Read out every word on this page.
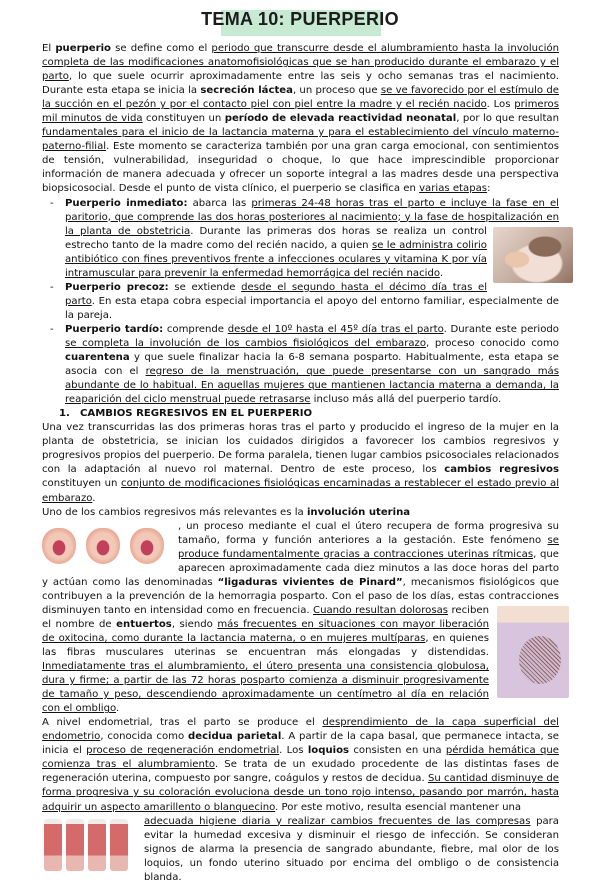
TEMA 10: PUERPERIO

El puerperio se define como el periodo que transcurre desde el alumbramiento hasta la involución completa de las modificaciones anatomofisiológicas que se han producido durante el embarazo y el parto, lo que suele ocurrir aproximadamente entre las seis y ocho semanas tras el nacimiento. Durante esta etapa se inicia la secreción láctea, un proceso que se ve favorecido por el estímulo de la succión en el pezón y por el contacto piel con piel entre la madre y el recién nacido. Los primeros mil minutos de vida constituyen un período de elevada reactividad neonatal, por lo que resultan fundamentales para el inicio de la lactancia materna y para el establecimiento del vínculo materno-paterno-filial. Este momento se caracteriza también por una gran carga emocional, con sentimientos de tensión, vulnerabilidad, inseguridad o choque, lo que hace imprescindible proporcionar información de manera adecuada y ofrecer un soporte integral a las madres desde una perspectiva biopsicosocial. Desde el punto de vista clínico, el puerperio se clasifica en varias etapas:

- Puerperio inmediato: abarca las primeras 24-48 horas tras el parto e incluye la fase en el paritorio, que comprende las dos horas posteriores al nacimiento; y la fase de hospitalización en la planta de obstetricia
. Durante las primeras dos horas se realiza un control estrecho tanto de la madre como del recién nacido, a quien se le administra colirio antibiótico con fines preventivos frente a infecciones oculares y vitamina K por vía intramuscular para prevenir la enfermedad hemorrágica del recién nacido.
- Puerperio precoz: se extiende desde el segundo hasta el décimo día tras el parto. En esta etapa cobra especial importancia el apoyo del entorno familiar, especialmente de la pareja.
- Puerperio tardío: comprende desde el 10º hasta el 45º día tras el parto. Durante este periodo se completa la involución de los cambios fisiológicos del embarazo, proceso conocido como cuarentena y que suele finalizar hacia la 6-8 semana posparto. Habitualmente, esta etapa se asocia con el regreso de la menstruación, que puede presentarse con un sangrado más abundante de lo habitual. En aquellas mujeres que mantienen lactancia materna a demanda, la reaparición del ciclo menstrual puede retrasarse incluso más allá del puerperio tardío.

1. CAMBIOS REGRESIVOS EN EL PUERPERIO

Una vez transcurridas las dos primeras horas tras el parto y producido el ingreso de la mujer en la planta de obstetricia, se inician los cuidados dirigidos a favorecer los cambios regresivos y progresivos propios del puerperio. De forma paralela, tienen lugar cambios psicosociales relacionados con la adaptación al nuevo rol maternal. Dentro de este proceso, los cambios regresivos constituyen un conjunto de modificaciones fisiológicas encaminadas a restablecer el estado previo al embarazo.

Uno de los cambios regresivos más relevantes es la involución uterina

, un proceso mediante el cual el útero recupera de forma progresiva su tamaño, forma y función anteriores a la gestación. Este fenómeno se produce fundamentalmente gracias a contracciones uterinas rítmicas, que aparecen aproximadamente cada diez minutos a las doce horas del parto y actúan como las denominadas “ligaduras vivientes de Pinard”, mecanismos fisiológicos que contribuyen a la prevención de la hemorragia posparto. Con el paso de los días, estas contracciones disminuyen tanto en intensidad como en frecuencia.
Cuando resultan dolorosas reciben el nombre de entuertos, siendo más frecuentes en situaciones con mayor liberación de oxitocina, como durante la lactancia materna, o en mujeres multíparas, en quienes las fibras musculares uterinas se encuentran más elongadas y distendidas. Inmediatamente tras el alumbramiento, el útero presenta una consistencia globulosa, dura y firme; a partir de las 72 horas posparto comienza a disminuir progresivamente de tamaño y peso, descendiendo aproximadamente un centímetro al día en relación con el ombligo.

A nivel endometrial, tras el parto se produce el desprendimiento de la capa superficial del endometrio, conocida como decidua parietal. A partir de la capa basal, que permanece intacta, se inicia el proceso de regeneración endometrial. Los loquios consisten en una pérdida hemática que comienza tras el alumbramiento. Se trata de un exudado procedente de las distintas fases de regeneración uterina, compuesto por sangre, coágulos y restos de decidua. Su cantidad disminuye de forma progresiva y su coloración evoluciona desde un tono rojo intenso, pasando por marrón, hasta adquirir un aspecto amarillento o blanquecino. Por este motivo, resulta esencial mantener una

adecuada higiene diaria y realizar cambios frecuentes de las compresas para evitar la humedad excesiva y disminuir el riesgo de infección. Se consideran signos de alarma la presencia de sangrado abundante, fiebre, mal olor de los loquios, un fondo uterino situado por encima del ombligo o de consistencia blanda.
